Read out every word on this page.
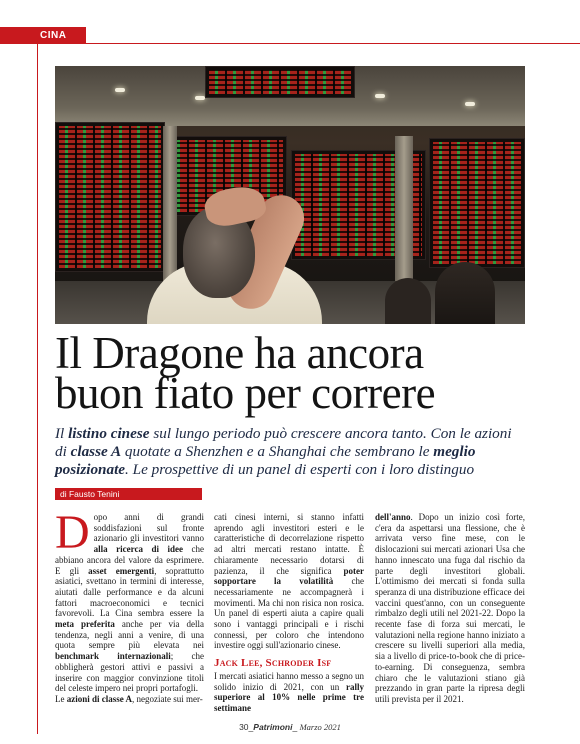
CINA
Il Dragone ha ancora
buon fiato per correre

Il listino cinese sul lungo periodo può crescere ancora tanto. Con le azioni di classe A quotate a Shenzhen e a Shanghai che sembrano le meglio posizionate. Le prospettive di un panel di esperti con i loro distinguo

di Fausto Tenini

Dopo anni di grandi soddisfazioni sul fronte azionario gli investitori vanno alla ricerca di idee che abbiano ancora del valore da esprimere. E gli asset emergenti, soprattutto asiatici, svettano in termini di interesse, aiutati dalle performance e da alcuni fattori macroeconomici e tecnici favorevoli. La Cina sembra essere la meta preferita anche per via della tendenza, negli anni a venire, di una quota sempre più elevata nei benchmark internazionali; che obbligherà gestori attivi e passivi a inserire con maggior convinzione titoli del celeste impero nei propri portafogli.

Le azioni di classe A, negoziate sui mer-

cati cinesi interni, si stanno infatti aprendo agli investitori esteri e le caratteristiche di decorrelazione rispetto ad altri mercati restano intatte. È chiaramente necessario dotarsi di pazienza, il che significa poter sopportare la volatilità che necessariamente ne accompagnerà i movimenti. Ma chi non risica non rosica. Un panel di esperti aiuta a capire quali sono i vantaggi principali e i rischi connessi, per coloro che intendono investire oggi sull'azionario cinese.

Jack Lee, Schroder Isf

I mercati asiatici hanno messo a segno un solido inizio di 2021, con un rally superiore al 10% nelle prime tre settimane

dell'anno. Dopo un inizio così forte, c'era da aspettarsi una flessione, che è arrivata verso fine mese, con le dislocazioni sui mercati azionari Usa che hanno innescato una fuga dal rischio da parte degli investitori globali. L'ottimismo dei mercati si fonda sulla speranza di una distribuzione efficace dei vaccini quest'anno, con un conseguente rimbalzo degli utili nel 2021-22. Dopo la recente fase di forza sui mercati, le valutazioni nella regione hanno iniziato a crescere su livelli superiori alla media, sia a livello di price-to-book che di price-to-earning. Di conseguenza, sembra chiaro che le valutazioni stiano già prezzando in gran parte la ripresa degli utili prevista per il 2021.

30_Patrimoni_ Marzo 2021
